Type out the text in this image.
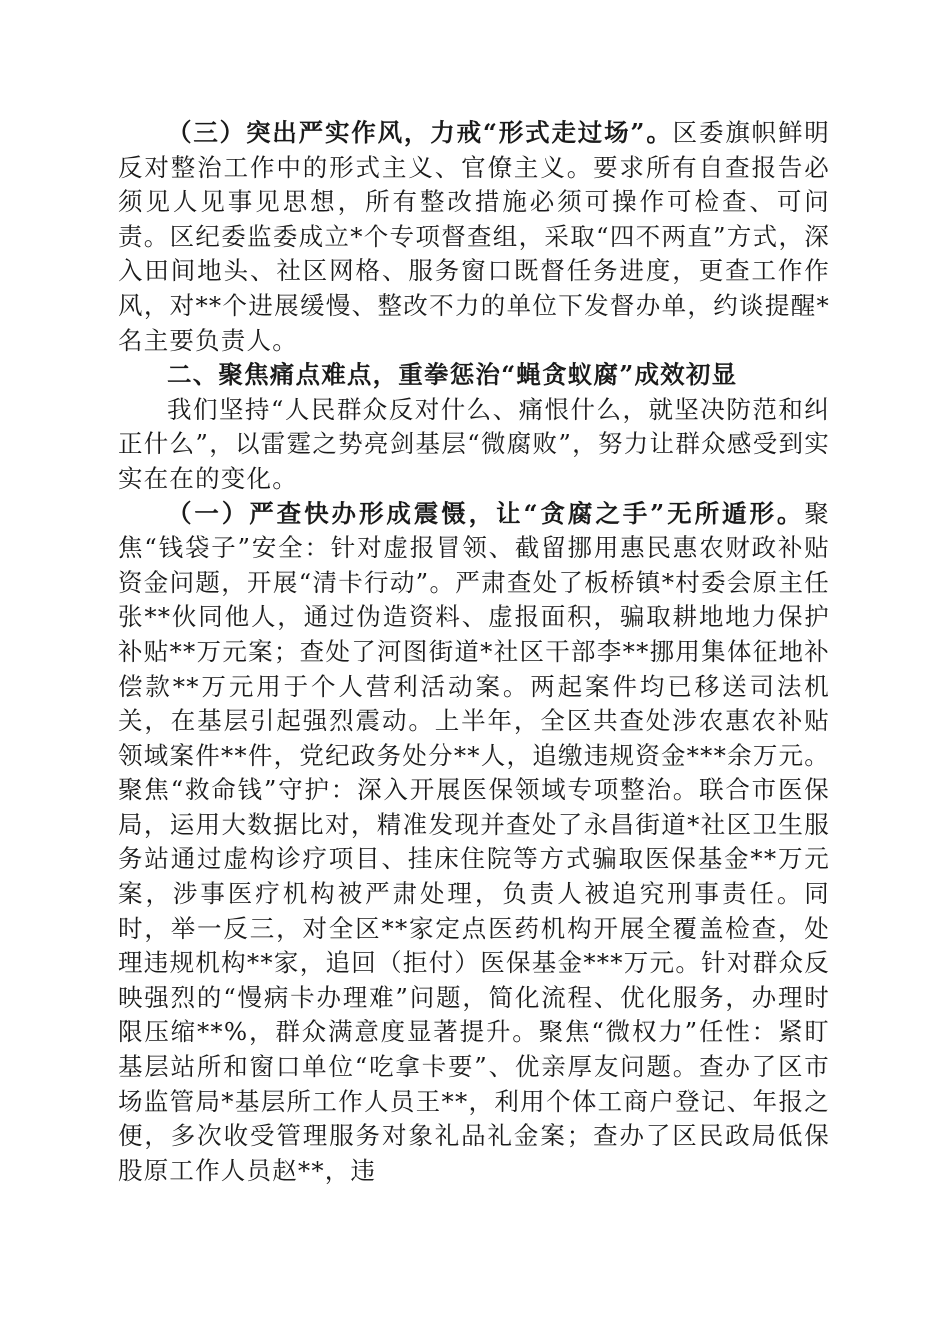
（三）突出严实作风，力戒“形式走过场”。区委旗帜鲜明反对整治工作中的形式主义、官僚主义。要求所有自查报告必须见人见事见思想，所有整改措施必须可操作可检查、可问责。区纪委监委成立*个专项督查组，采取“四不两直”方式，深入田间地头、社区网格、服务窗口既督任务进度，更查工作作风，对**个进展缓慢、整改不力的单位下发督办单，约谈提醒*名主要负责人。

二、聚焦痛点难点，重拳惩治“蝇贪蚁腐”成效初显

我们坚持“人民群众反对什么、痛恨什么，就坚决防范和纠正什么”，以雷霆之势亮剑基层“微腐败”，努力让群众感受到实实在在的变化。

（一）严查快办形成震慑，让“贪腐之手”无所遁形。聚焦“钱袋子”安全：针对虚报冒领、截留挪用惠民惠农财政补贴资金问题，开展“清卡行动”。严肃查处了板桥镇*村委会原主任张**伙同他人，通过伪造资料、虚报面积，骗取耕地地力保护补贴**万元案；查处了河图街道*社区干部李**挪用集体征地补偿款**万元用于个人营利活动案。两起案件均已移送司法机关，在基层引起强烈震动。上半年，全区共查处涉农惠农补贴领域案件**件，党纪政务处分**人，追缴违规资金***余万元。聚焦“救命钱”守护：深入开展医保领域专项整治。联合市医保局，运用大数据比对，精准发现并查处了永昌街道*社区卫生服务站通过虚构诊疗项目、挂床住院等方式骗取医保基金**万元案，涉事医疗机构被严肃处理，负责人被追究刑事责任。同时，举一反三，对全区**家定点医药机构开展全覆盖检查，处理违规机构**家，追回（拒付）医保基金***万元。针对群众反映强烈的“慢病卡办理难”问题，简化流程、优化服务，办理时限压缩**%，群众满意度显著提升。聚焦“微权力”任性：紧盯基层站所和窗口单位“吃拿卡要”、优亲厚友问题。查办了区市场监管局*基层所工作人员王**，利用个体工商户登记、年报之便，多次收受管理服务对象礼品礼金案；查办了区民政局低保股原工作人员赵**，违
